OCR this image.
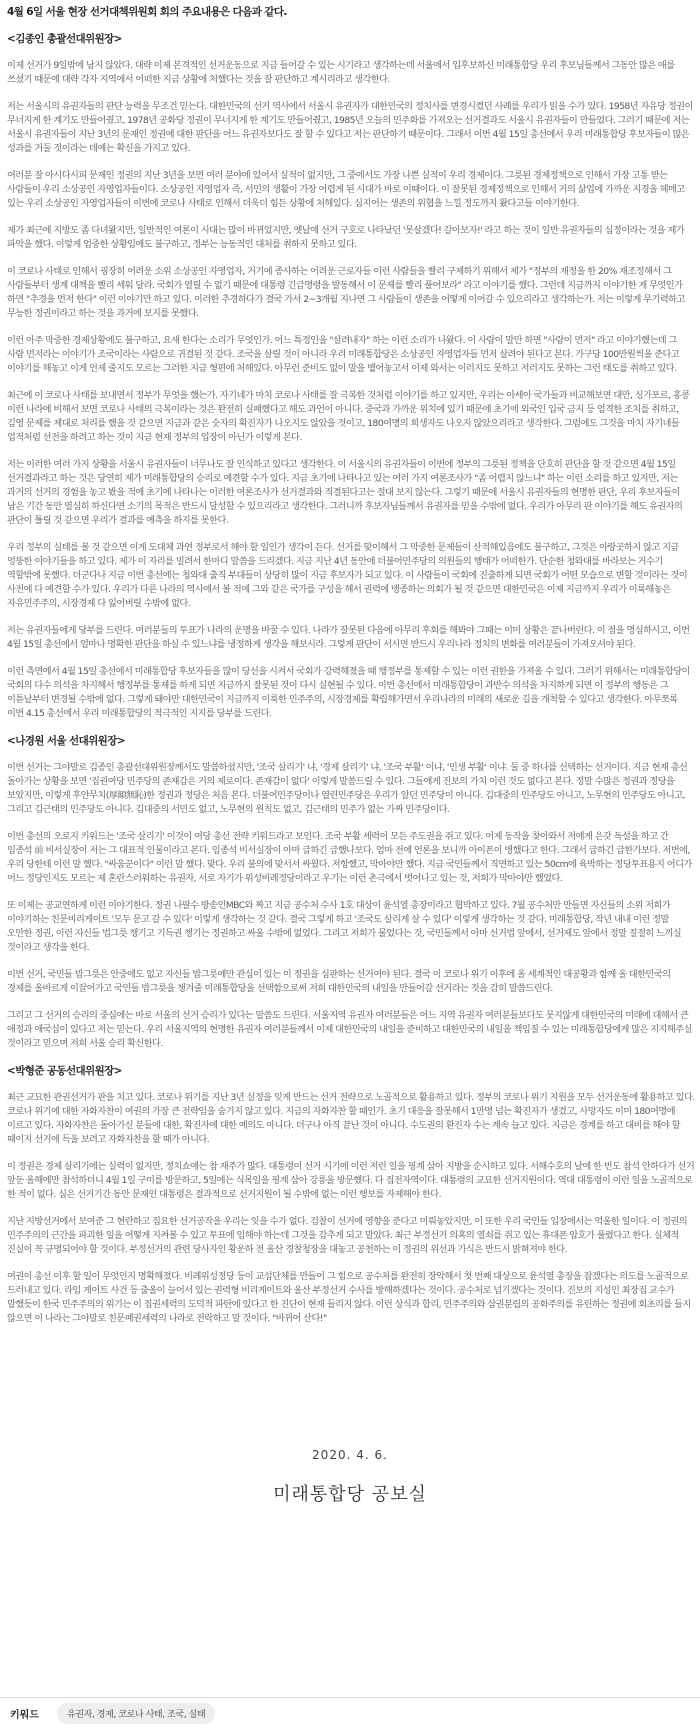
4월 6일 서울 현장 선거대책위원회 회의 주요내용은 다음과 같다.
<김종인 총괄선대위원장>

이제 선거가 9일밖에 남지 않았다. 대략 이제 본격적인 선거운동으로 지금 들어갈 수 있는 시기라고 생각하는데 서울에서 입후보하신 미래통합당 우리 후보님들께서 그동안 많은 애를 쓰셨기 때문에 대략 각자 지역에서 어떠한 지금 상황에 처했다는 것을 잘 판단하고 계시리라고 생각한다.

저는 서울시의 유권자들의 판단 능력을 무조건 믿는다. 대한민국의 선거 역사에서 서울시 유권자가 대한민국의 정치사를 변경시켰던 사례를 우리가 읽을 수가 있다. 1958년 자유당 정권이 무너지게 한 계기도 만들어줬고, 1978년 공화당 정권이 무너지게 한 계기도 만들어줬고, 1985년 오늘의 민주화를 가져오는 선거결과도 서울시 유권자들이 만들었다. 그러기 때문에 저는 서울시 유권자들이 지난 3년의 문재인 정권에 대한 판단을 어느 유권자보다도 잘 할 수 있다고 저는 판단하기 때문이다. 그래서 이번 4월 15일 총선에서 우리 미래통합당 후보자들이 많은 성과를 거둘 것이라는 데에는 확신을 가지고 있다.

여러분 잘 아시다시피 문재인 정권의 지난 3년을 보면 여러 분야에 있어서 실적이 없지만, 그 중에서도 가장 나쁜 실적이 우리 경제이다. 그릇된 경제정책으로 인해서 가장 고통 받는 사람들이 우리 소상공인 자영업자들이다. 소상공인 자영업자 즉, 서민의 생활이 가장 어렵게 된 시대가 바로 이때이다. 이 잘못된 경제정책으로 인해서 거의 삶업에 가까운 지경을 헤매고 있는 우리 소상공인 자영업자들이 이번에 코로나 사태로 인해서 더욱더 힘든 상황에 처해있다. 심지어는 생존의 위협을 느낄 정도까지 왔다고들 이야기한다.

제가 최근에 지방도 좀 다녀왔지만, 일반적인 여론이 시대는 많이 바뀌었지만, 옛날에 선거 구호로 나타났던 '못살겠다! 갈아보자!' 라고 하는 것이 일반 유권자들의 심정이라는 것을 제가 파악을 했다. 이렇게 엄중한 상황임에도 불구하고, 정부는 능동적인 대처를 취하지 못하고 있다.

이 코로나 사태로 인해서 굉장히 어려운 소위 소상공인 자영업자, 거기에 종사하는 어려운 근로자들 이런 사람들을 빨리 구제하기 위해서 제가 "정부의 재정을 한 20% 재조정해서 그 사람들부터 생계 대책을 빨리 세워 달라. 국회가 열릴 수 없기 때문에 대통령 긴급명령을 발동해서 이 문제를 빨리 풀어보라" 라고 이야기를 했다. 그런데 지금까지 이야기한 게 무엇인가 하면 "추경을 먼저 한다" 이런 이야기만 하고 있다. 이러한 추경하다가 결국 가서 2~3개월 지나면 그 사람들이 생존을 어떻게 이어갈 수 있으리라고 생각하는가. 저는 이렇게 무기력하고 무능한 정권이라고 하는 것을 과거에 보지를 못했다.

이런 아주 막중한 경제상황에도 불구하고, 요새 한다는 소리가 무엇인가. 어느 특정인을 "살려내자" 하는 이런 소리가 나왔다. 이 사람이 말만 하면 "사람이 먼저" 라고 이야기했는데 그 사람 먼저라는 이야기가 조국이라는 사람으로 귀결된 것 같다. 조국을 살릴 것이 아니라 우리 미래통합당은 소상공인 자영업자들 먼저 살려야 된다고 본다. 가구당 100만원씩을 준다고 이야기를 해놓고 이게 언제 줄지도 모르는 그러한 지금 형편에 처해있다. 아무런 준비도 없이 말을 뱉어놓고서 이제 와서는 이러지도 못하고 저러지도 못하는 그런 태도를 취하고 있다.

최근에 이 코로나 사태를 보내면서 정부가 무엇을 했는가. 자기네가 마치 코로나 사태를 잘 극복한 것처럼 이야기를 하고 있지만, 우리는 아세아 국가들과 비교해보면 대만, 싱가포르, 홍콩 이런 나라에 비해서 보면 코로나 사태의 극복이라는 것은 완전히 실패했다고 해도 과언이 아니다. 중국과 가까운 위치에 있기 때문에 초기에 외국인 입국 금지 등 엄격한 조치를 취하고, 김영 문제를 제대로 처리를 했을 것 같으면 지금과 같은 숫자의 확진자가 나오지도 않았을 것이고, 180여명의 희생자도 나오지 않았으리라고 생각한다. 그럼에도 그것을 마치 자기네들 업적처럼 선전을 하려고 하는 것이 지금 현재 정부의 입장이 아닌가 이렇게 본다.

저는 이러한 여러 가지 상황을 서울시 유권자들이 너무나도 잘 인식하고 있다고 생각한다. 이 서울시의 유권자들이 이번에 정부의 그릇된 정책을 단호히 판단을 할 것 같으면 4월 15일 선거결과라고 하는 것은 당연히 제가 미래통합당의 승리로 예견할 수가 있다. 지금 초기에 나타나고 있는 여러 가지 여론조사가 "좀 어렵지 않느냐" 하는 이런 소리를 하고 있지만, 저는 과거의 선거의 경험을 놓고 봤을 적에 초기에 나타나는 이러한 여론조사가 선거결과와 직결된다고는 절대 보지 않는다. 그렇기 때문에 서울시 유권자들의 현명한 판단, 우리 후보자들이 남은 기간 동안 열심히 하신다면 소기의 목적은 반드시 달성할 수 있으리라고 생각한다. 그러니까 후보자님들께서 유권자를 믿을 수밖에 없다. 우리가 아무리 판 이야기를 해도 유권자의 판단이 틀릴 것 같으면 우리가 결과를 예측을 하지를 못한다.

우리 정부의 실태를 볼 것 같으면 이게 도대체 과연 정부로서 해야 할 일인가 생각이 든다. 선거를 맞이해서 그 막중한 문제들이 산적해있음에도 불구하고, 그것은 아랑곳하지 않고 지금 엉뚱한 이야기들을 하고 있다. 제가 이 자리를 빌려서 한마디 말씀을 드리겠다. 지금 지난 4년 동안에 더불어민주당의 의원들의 행태가 어떠한가. 단순한 청와대를 바라보는 거수기 역할밖에 못했다. 더군다나 지금 이번 총선에는 청와대 출직 부대들이 상당히 많이 지금 후보자가 되고 있다. 이 사람들이 국회에 진출하게 되면 국회가 어떤 모습으로 변할 것이라는 것이 사전에 다 예견할 수가 있다. 우리가 다른 나라의 역사에서 볼 적에 그와 같은 국가를 구성을 해서 권력에 맹종하는 의회가 될 것 같으면 대한민국은 이제 지금까지 우리가 이룩해놓은 자유민주주의, 시장경제 다 잃어버릴 수밖에 없다.

저는 유권자들에게 당부를 드린다. 여러분들의 투표가 나라의 운명을 바꿀 수 있다. 나라가 잘못된 다음에 아무리 후회를 해봐야 그때는 이미 상황은 끝나버린다. 이 점을 명심하시고, 이번 4월 15일 총선에서 얼마나 명확한 판단을 하실 수 있느냐를 냉정하게 생각을 해보시라. 그렇게 판단이 서시면 반드시 우리나라 정치의 변화를 여러분들이 가져오셔야 된다.

이런 측면에서 4월 15일 총선에서 미래통합당 후보자들을 많이 당선을 시켜서 국회가 강력해졌을 때 행정부를 통제할 수 있는 이런 권한을 가져올 수 있다. 그러기 위해서는 미래통합당이 국회의 다수 의석을 차지해서 행정부를 통제를 하게 되면 지금까지 잘못된 것이 다시 실현될 수 있다. 이번 총선에서 미래통합당이 과반수 의석을 차지하게 되면 이 정부의 행동은 그 이튿날부터 변경될 수밖에 없다. 그렇게 돼야만 대한민국이 지금까지 이룩한 민주주의, 시장경제를 확립해가면서 우리나라의 미래의 새로운 길을 개척할 수 있다고 생각한다. 아무쪼록 이번 4.15 총선에서 우리 미래통합당의 적극적인 지지를 당부를 드린다.

<나경원 서울 선대위원장>

이번 선거는 그야말로 김종인 총괄선대위원장께서도 말씀하셨지만, '조국 살리기' 냐, '경제 살리기' 냐, '조국 부활' 이냐, '민생 부활' 이냐. 둘 중 하나를 선택하는 선거이다. 지금 현재 총선 돌아가는 상황을 보면 '집권여당 민주당의 존재감은 거의 제로이다. 존재감이 없다' 이렇게 말씀드릴 수 있다. 그들에게 진보의 가치 이런 것도 없다고 본다. 정말 수많은 정권과 정당을 보았지만, 이렇게 후안무치(厚顔無恥)한 정권과 정당은 처음 본다. 더불어민주당이나 열린민주당은 우리가 알던 민주당이 아니다. 김대중의 민주당도 아니고, 노무현의 민주당도 아니고, 그리고 김근태의 민주당도 아니다. 김대중의 서민도 없고, 노무현의 원칙도 없고, 김근태의 민주가 없는 가짜 민주당이다.

이번 총선의 오로지 키워드는 '조국 살리기' 이것이 여당 총선 전략 키워드라고 보인다. 조국 부활 세력이 모든 주도권을 쥐고 있다. 어제 동작을 찾아와서 저에게 은갖 독설을 하고 간 임종석 前 비서실장이 저는 그 대표적 인물이라고 본다. 임종석 비서실장이 아마 급하긴 급했나보다. 엄마 전에 언론을 보니까 아이폰이 앵했다고 한다. 그래서 급하긴 급한가보다. 저번에, 우리 당한테 이런 말 했다. "싸움꾼이다" 이런 말 했다. 맞다. 우리 불의에 맞서서 싸웠다. 저항했고, 막아야만 했다. 지금 국민들께서 직면하고 있는 50cm에 육박하는 정당투표용지 어디가 어느 정당인지도 모르는 제 혼란스러워하는 유권자, 서로 자기가 위성비례정당이라고 우기는 이런 촌극에서 벗어나고 있는 것, 저희가 막아야만 했었다.

또 이제는 공교연하게 이런 이야기한다. 정권 나팔수 방송인MBC와 짜고 지금 공수처 수사 1호 대상이 윤석열 총장이라고 협박하고 있다. 7월 공수처만 만들면 자신들의 소위 저희가 이야기하는 친문비리게이트 '모두 문고 갈 수 있다' 이렇게 생각하는 것 같다. 결국 그렇게 하고 '조국도 살리게 살 수 있다' 이렇게 생각하는 것 같다. 미래통합당, 작년 내내 이런 정말 오만한 정권, 이런 자신들 법그릇 챙기고 기득권 챙기는 정권하고 싸울 수밖에 없었다. 그리고 저희가 물었다는 것, 국민들께서 아마 선거법 앞에서, 선거제도 앞에서 정말 절절히 느끼실 것이라고 생각을 한다.

이번 선거, 국민들 밥그릇은 안중에도 없고 자신들 밥그릇에만 관심이 있는 이 정권을 심판하는 선거여야 된다. 결국 이 코로나 위기 이후에 올 세계적인 대공황과 함께 올 대한민국의 경제를 올바르게 이끌어가고 국민들 밥그릇을 챙겨줄 미래통합당을 선택함으로써 저희 대한민국의 내일을 만들어갈 선거라는 것을 감히 말씀드린다.

그리고 그 선거의 승리의 중심에는 바로 서울의 선거 승리가 있다는 말씀도 드린다. 서울지역 유권자 여러분들은 어느 지역 유권자 여러분들보다도 뭇지않게 대한민국의 미래에 대해서 큰 애정과 애국심이 있다고 저는 믿는다. 우리 서울지역의 현명한 유권자 여러분들께서 이제 대한민국의 내일을 준비하고 대한민국의 내일을 책임질 수 있는 미래통합당에게 많은 지지해주실 것이라고 믿으며 저희 서울 승리 확신한다.

<박형준 공동선대위원장>

최근 교묘한 관권선거가 판을 치고 있다. 코로나 위기를 지난 3년 실정을 잊게 만드는 선거 전략으로 노골적으로 활용하고 있다. 정부의 코로나 위기 지원을 모두 선거운동에 활용하고 있다. 코로나 위기에 대한 자화자찬이 여권의 가장 큰 전략임을 숨기지 않고 있다. 지금의 자화자찬 할 때인가. 초기 대응을 잘못해서 1만명 넘는 확진자가 생겼고, 사망자도 이미 180여명에 이르고 있다. 자화자찬은 돌아가신 분들에 대한, 확진자에 대한 예의도 아니다. 더구나 아직 끝난 것이 아니다. 수도권의 환진자 수는 계속 늘고 있다. 지금은 경계를 하고 대비를 해야 할 때이지 선거에 득을 보려고 자화자찬을 할 때가 아니다.

이 정권은 경제 살리기에는 실력이 없지만, 정치쇼에는 참 재주가 많다. 대통령이 선거 시기에 이런 저런 일을 핑계 삼아 지방을 순시하고 있다. 서해수호의 날에 한 번도 참석 안하다가 선거 앞둔 올해에만 참석하더니 4월 1일 구미를 방문하고, 5일에는 식목일을 핑계 삼아 강릉을 방문했다. 다 집전자역이다. 대통령의 교묘한 선거지원이다. 역대 대통령이 이런 일을 노골적으로 한 적이 없다. 심은 선거기간 동안 문재인 대통령은 결과적으로 선거지원이 될 수밖에 없는 이런 행보를 자제해야 한다.

지난 지방선거에서 보여준 그 현란하고 집요한 선거공작을 우리는 잊을 수가 없다. 검찰이 선거에 영향을 준다고 미뤄놓았지만, 이 또한 우리 국민들 입장에서는 억울한 일이다. 이 정권의 민주주의의 근간을 파괴한 일을 어떻게 지켜볼 수 있고 투표에 임해야 하는데 그것을 감추게 되고 말았다. 최근 부정선거 의혹의 열쇠를 쥐고 있는 휴대폰 암호가 풀렸다고 한다. 실체적 진실이 꼭 규명되어야 할 것이다. 부정선거의 관련 당사자인 황운하 전 울산 경찰청장을 대놓고 공천하는 이 정권의 위선과 가식은 반드시 밝혀져야 한다.

여권이 총선 이후 할 일이 무엇인지 명확해졌다. 비례위성정당 등이 교섭단체를 만들어 그 힘으로 공수처를 완전히 장악해서 첫 번째 대상으로 윤석열 총장을 잡겠다는 의도를 노골적으로 드러내고 있다. 라임 게이트 사건 등 출올이 늘어서 있는 권력형 비리게이트와 울산 부정선거 수사를 방해하겠다는 것이다. 공수처로 넘기겠다는 것이다. 진보의 지성인 최장집 교수가 말했듯이 한국 민주주의의 위기는 이 집권세력의 도덕적 파탄에 있다고 한 진단이 현재 들리지 않다. 이런 상식과 합리, 민주주의와 삼권분립의 공화주의를 유린하는 정권에 회초리를 들지 않으면 이 나라는 그야말로 친문패권세력의 나라로 전락하고 말 것이다. "바뀌어 산다!"

2020. 4. 6.
미래통합당 공보실
키워드	유권자, 경제, 코로나 사태, 조국, 실태
